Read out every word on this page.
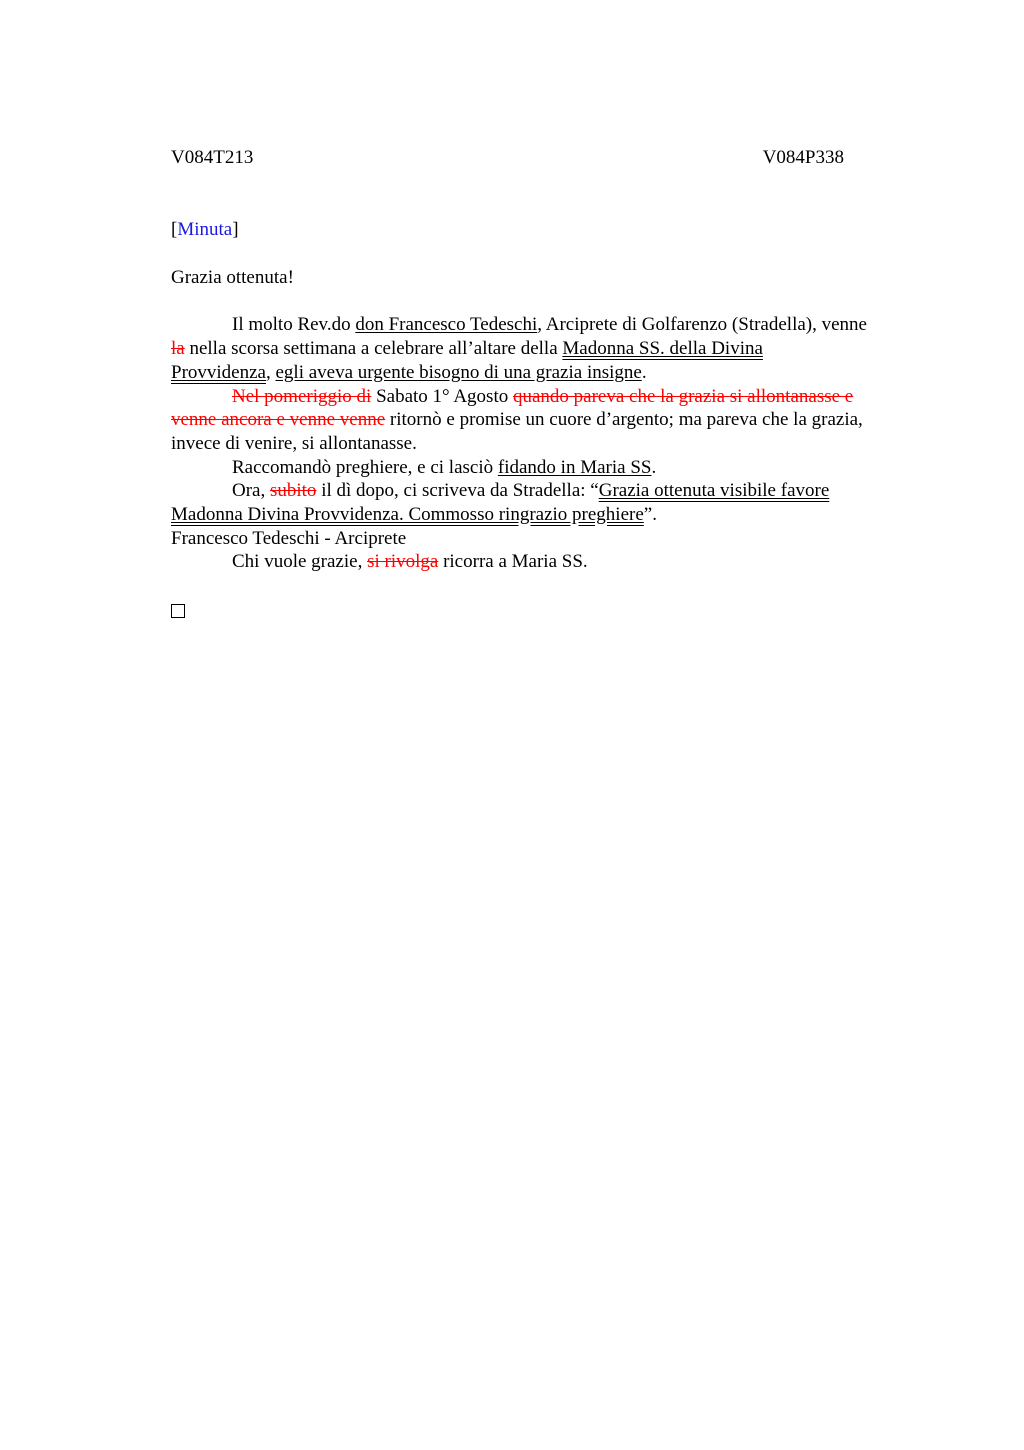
V084T213	V084P338
[Minuta]
Grazia ottenuta!
Il molto Rev.do don Francesco Tedeschi, Arciprete di Golfarenzo (Stradella), venne
la nella scorsa settimana a celebrare all’altare della Madonna SS. della Divina
Provvidenza, egli aveva urgente bisogno di una grazia insigne.
Nel pomeriggio di Sabato 1° Agosto quando pareva che la grazia si allontanasse e
venne ancora e venne venne ritornò e promise un cuore d’argento; ma pareva che la grazia,
invece di venire, si allontanasse.
Raccomandò preghiere, e ci lasciò fidando in Maria SS.
Ora, subito il dì dopo, ci scriveva da Stradella: “Grazia ottenuta visibile favore
Madonna Divina Provvidenza. Commosso ringrazio preghiere”.
Francesco Tedeschi - Arciprete
Chi vuole grazie, si rivolga ricorra a Maria SS.
